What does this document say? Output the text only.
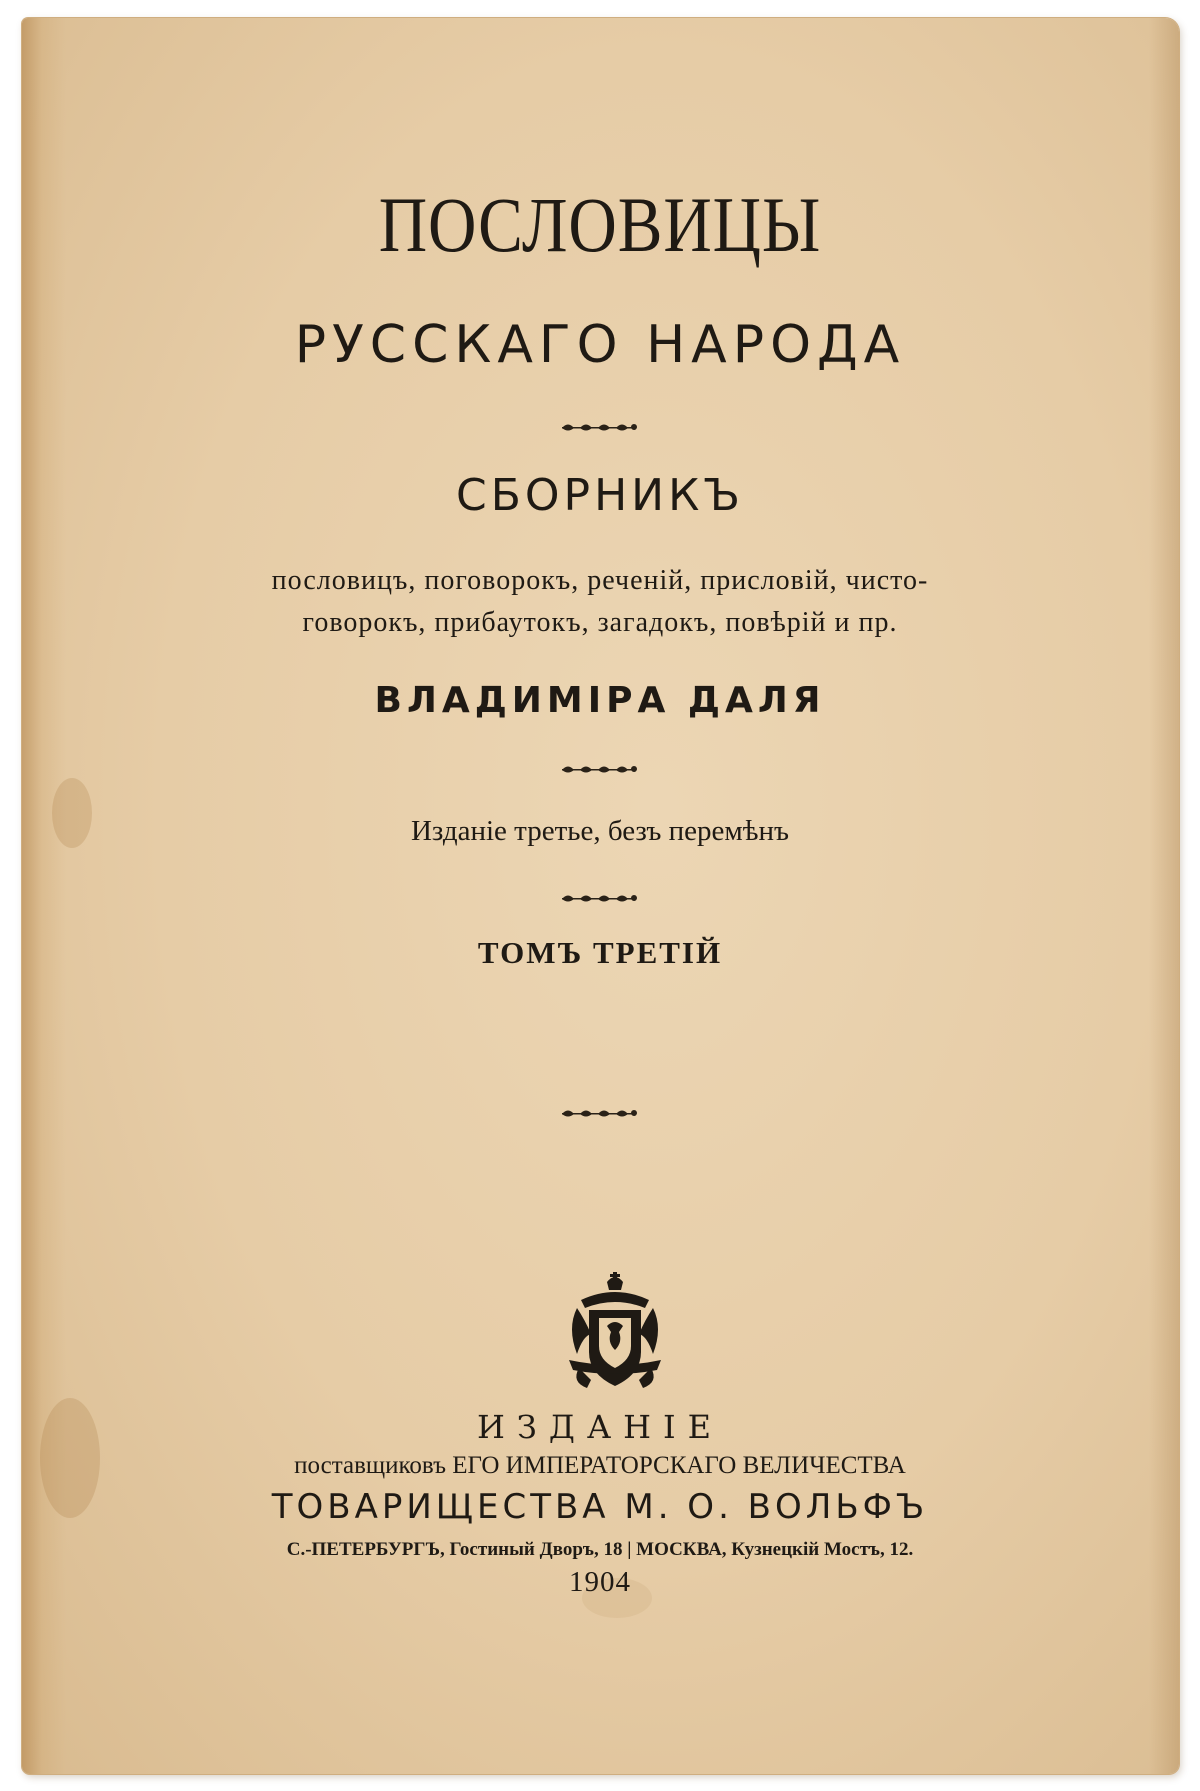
ПОСЛОВИЦЫ
РУССКАГО НАРОДА
СБОРНИКЪ
пословицъ, поговорокъ, реченій, присловій, чисто-
говорокъ, прибаутокъ, загадокъ, повѣрій и пр.
ВЛАДИМІРА ДАЛЯ
Изданіе третье, безъ перемѣнъ
ТОМЪ ТРЕТІЙ
ИЗДАНІЕ
поставщиковъ ЕГО ИМПЕРАТОРСКАГО ВЕЛИЧЕСТВА
ТОВАРИЩЕСТВА М. О. ВОЛЬФЪ
С.-ПЕТЕРБУРГЪ, Гостиный Дворъ, 18 | МОСКВА, Кузнецкій Мостъ, 12.
1904
